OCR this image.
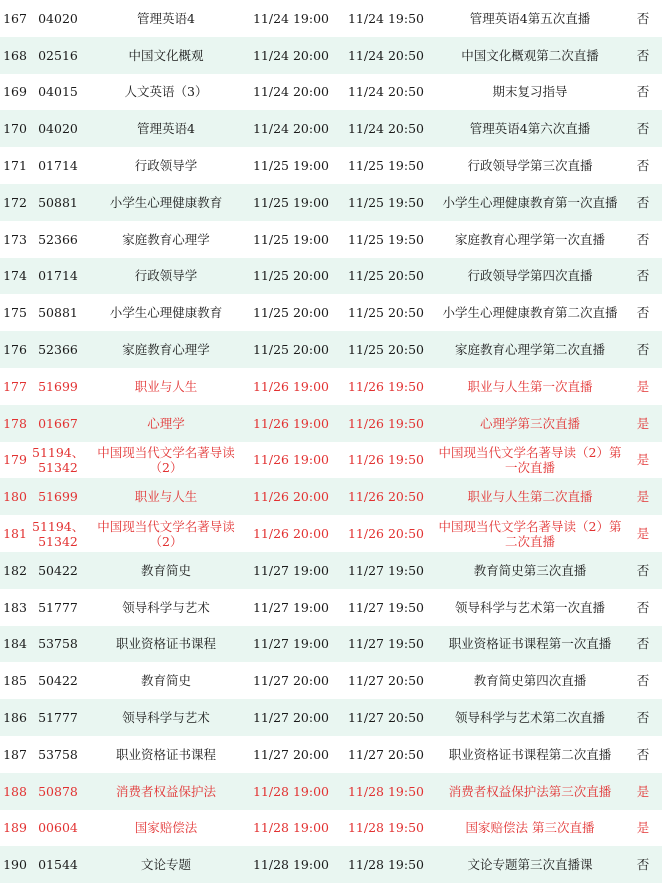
167	04020	管理英语4	11/24 19:00	11/24 19:50	管理英语4第五次直播	否
168	02516	中国文化概观	11/24 20:00	11/24 20:50	中国文化概观第二次直播	否
169	04015	人文英语（3）	11/24 20:00	11/24 20:50	期末复习指导	否
170	04020	管理英语4	11/24 20:00	11/24 20:50	管理英语4第六次直播	否
171	01714	行政领导学	11/25 19:00	11/25 19:50	行政领导学第三次直播	否
172	50881	小学生心理健康教育	11/25 19:00	11/25 19:50	小学生心理健康教育第一次直播	否
173	52366	家庭教育心理学	11/25 19:00	11/25 19:50	家庭教育心理学第一次直播	否
174	01714	行政领导学	11/25 20:00	11/25 20:50	行政领导学第四次直播	否
175	50881	小学生心理健康教育	11/25 20:00	11/25 20:50	小学生心理健康教育第二次直播	否
176	52366	家庭教育心理学	11/25 20:00	11/25 20:50	家庭教育心理学第二次直播	否
177	51699	职业与人生	11/26 19:00	11/26 19:50	职业与人生第一次直播	是
178	01667	心理学	11/26 19:00	11/26 19:50	心理学第三次直播	是
179	51194、51342	中国现当代文学名著导读（2）	11/26 19:00	11/26 19:50	中国现当代文学名著导读（2）第一次直播	是
180	51699	职业与人生	11/26 20:00	11/26 20:50	职业与人生第二次直播	是
181	51194、51342	中国现当代文学名著导读（2）	11/26 20:00	11/26 20:50	中国现当代文学名著导读（2）第二次直播	是
182	50422	教育简史	11/27 19:00	11/27 19:50	教育简史第三次直播	否
183	51777	领导科学与艺术	11/27 19:00	11/27 19:50	领导科学与艺术第一次直播	否
184	53758	职业资格证书课程	11/27 19:00	11/27 19:50	职业资格证书课程第一次直播	否
185	50422	教育简史	11/27 20:00	11/27 20:50	教育简史第四次直播	否
186	51777	领导科学与艺术	11/27 20:00	11/27 20:50	领导科学与艺术第二次直播	否
187	53758	职业资格证书课程	11/27 20:00	11/27 20:50	职业资格证书课程第二次直播	否
188	50878	消费者权益保护法	11/28 19:00	11/28 19:50	消费者权益保护法第三次直播	是
189	00604	国家赔偿法	11/28 19:00	11/28 19:50	国家赔偿法 第三次直播	是
190	01544	文论专题	11/28 19:00	11/28 19:50	文论专题第三次直播课	否
